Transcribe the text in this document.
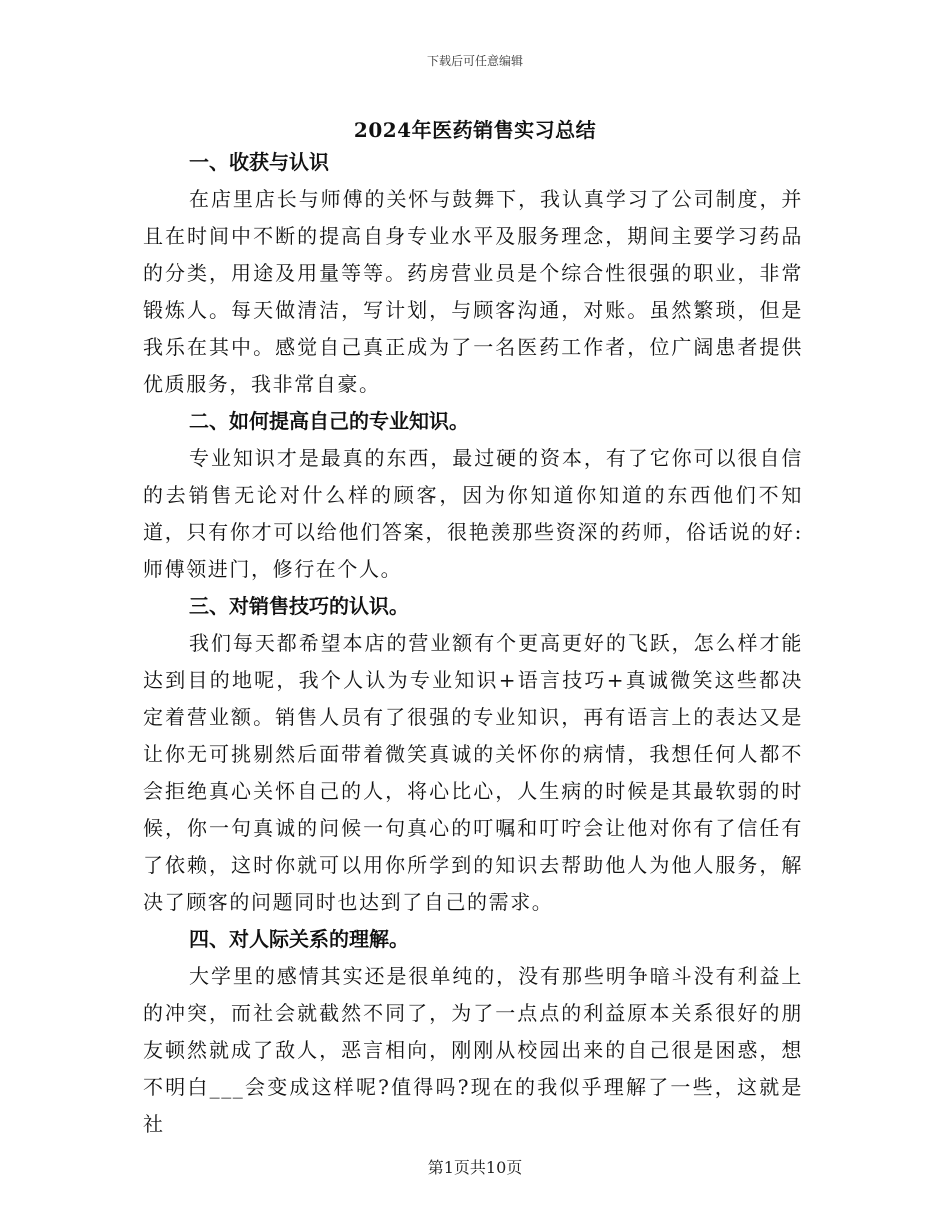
下载后可任意编辑
2024年医药销售实习总结

一、收获与认识

在店里店长与师傅的关怀与鼓舞下，我认真学习了公司制度，并且在时间中不断的提高自身专业水平及服务理念，期间主要学习药品的分类，用途及用量等等。药房营业员是个综合性很强的职业，非常锻炼人。每天做清洁，写计划，与顾客沟通，对账。虽然繁琐，但是我乐在其中。感觉自己真正成为了一名医药工作者，位广阔患者提供优质服务，我非常自豪。

二、如何提高自己的专业知识。

专业知识才是最真的东西，最过硬的资本，有了它你可以很自信的去销售无论对什么样的顾客，因为你知道你知道的东西他们不知道，只有你才可以给他们答案，很艳羡那些资深的药师，俗话说的好:师傅领进门，修行在个人。

三、对销售技巧的认识。

我们每天都希望本店的营业额有个更高更好的飞跃，怎么样才能达到目的地呢，我个人认为专业知识+语言技巧+真诚微笑这些都决定着营业额。销售人员有了很强的专业知识，再有语言上的表达又是让你无可挑剔然后面带着微笑真诚的关怀你的病情，我想任何人都不会拒绝真心关怀自己的人，将心比心，人生病的时候是其最软弱的时候，你一句真诚的问候一句真心的叮嘱和叮咛会让他对你有了信任有了依赖，这时你就可以用你所学到的知识去帮助他人为他人服务，解决了顾客的问题同时也达到了自己的需求。

四、对人际关系的理解。

大学里的感情其实还是很单纯的，没有那些明争暗斗没有利益上的冲突，而社会就截然不同了，为了一点点的利益原本关系很好的朋友顿然就成了敌人，恶言相向，刚刚从校园出来的自己很是困惑，想不明白___会变成这样呢?值得吗?现在的我似乎理解了一些，这就是社

第1页共10页
